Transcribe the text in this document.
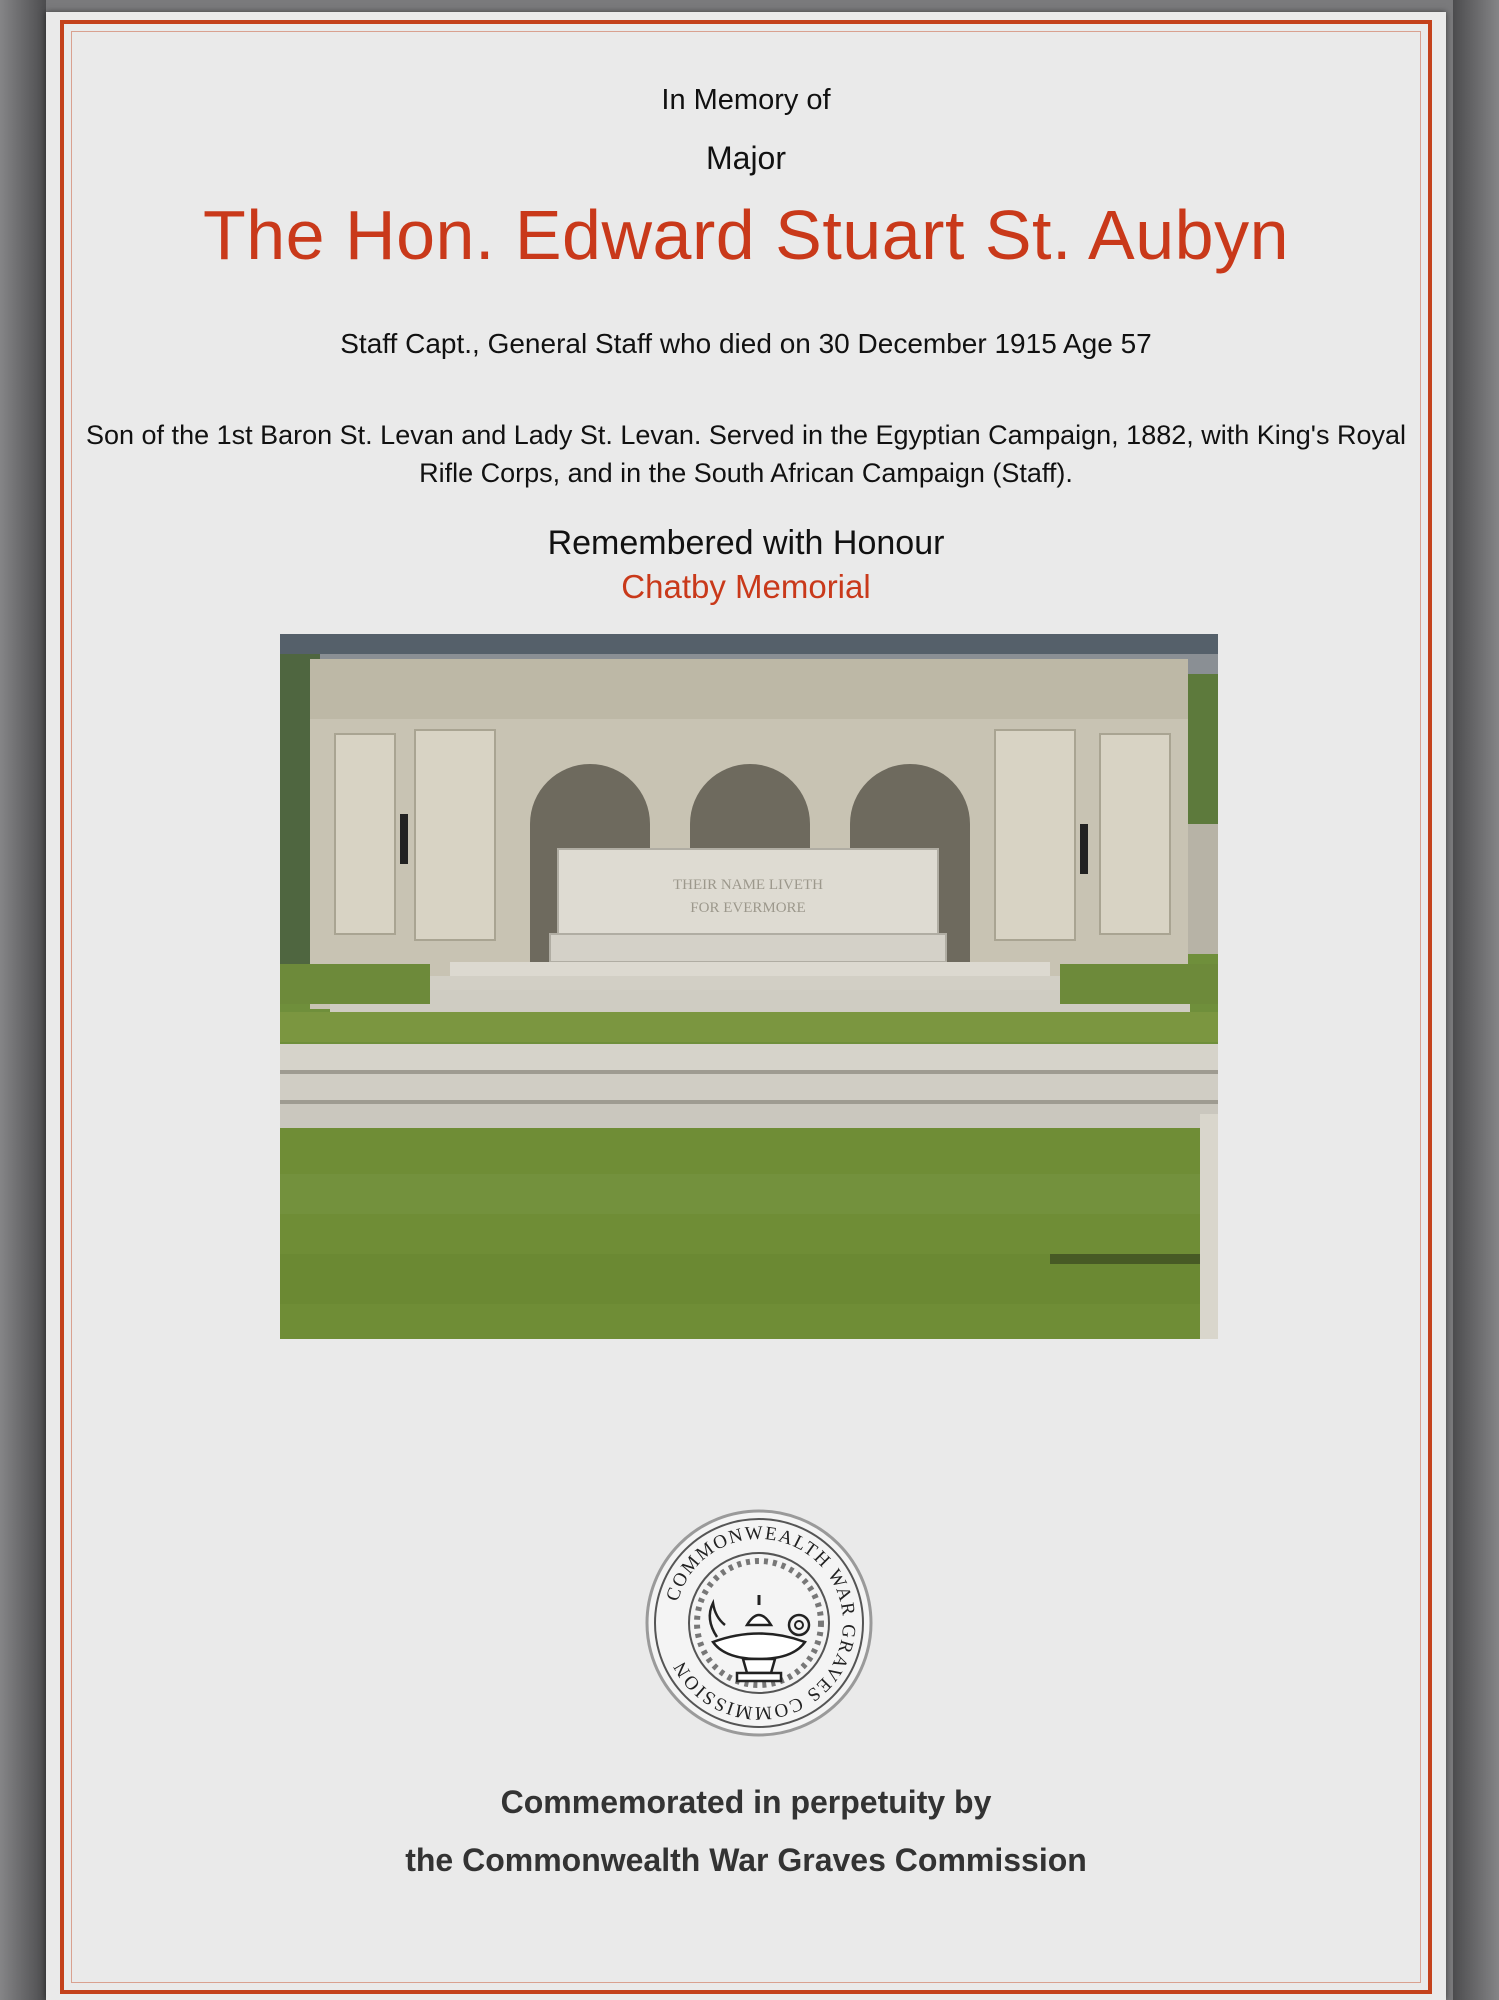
In Memory of
Major
The Hon. Edward Stuart St. Aubyn
Staff Capt., General Staff who died on 30 December 1915 Age 57
Son of the 1st Baron St. Levan and Lady St. Levan. Served in the Egyptian Campaign, 1882, with King's Royal Rifle Corps, and in the South African Campaign (Staff).
Remembered with Honour
Chatby Memorial
THEIR NAME LIVETH
FOR EVERMORE
COMMONWEALTH WAR GRAVES COMMISSION
Commemorated in perpetuity by
the Commonwealth War Graves Commission
